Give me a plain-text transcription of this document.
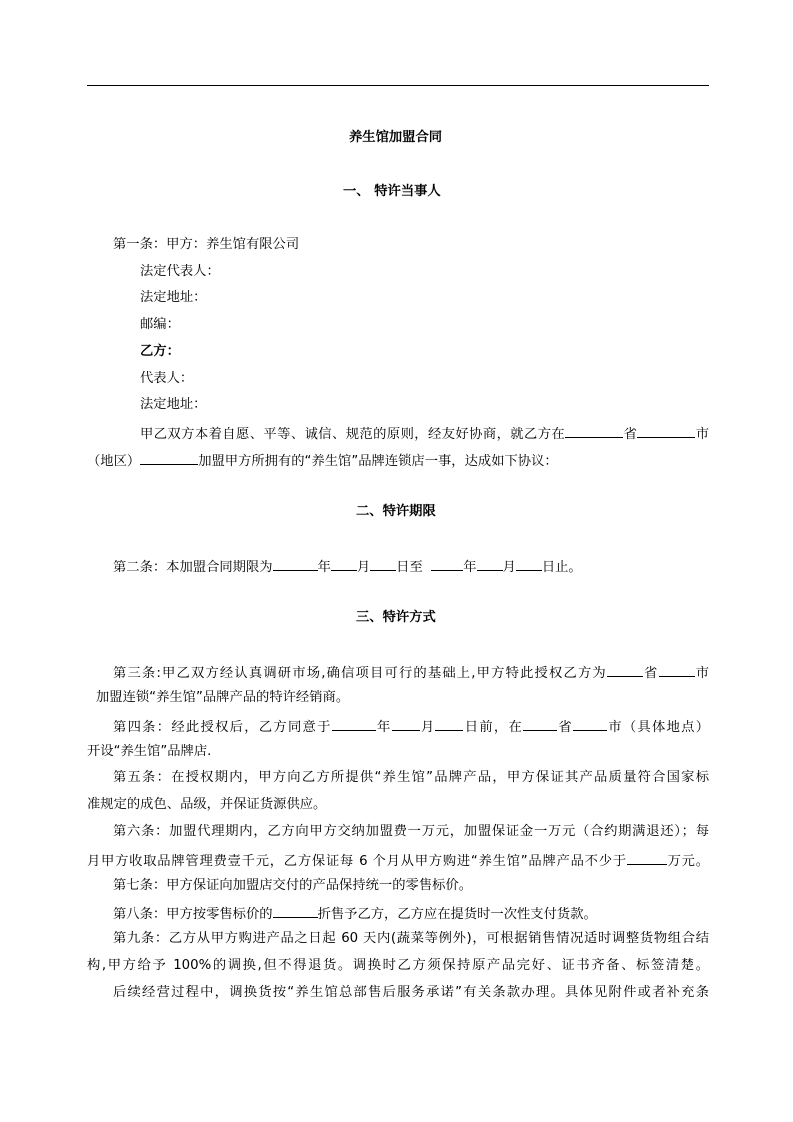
养生馆加盟合同
一、 特许当事人
第一条：甲方：养生馆有限公司
法定代表人：
法定地址：
邮编：
乙方：
代表人：
法定地址：
甲乙双方本着自愿、平等、诚信、规范的原则，经友好协商，就乙方在	省	市
（地区）	加盟甲方所拥有的“养生馆”品牌连锁店一事，达成如下协议：
二、特许期限
第二条：本加盟合同期限为	年 月 日至	年 月 日止。
三、特许方式
第三条:甲乙双方经认真调研市场,确信项目可行的基础上,甲方特此授权乙方为	省	市
加盟连锁“养生馆”品牌产品的特许经销商。
第四条：经此授权后，乙方同意于	年 月 日前，在	省	市（具体地点）
开设“养生馆”品牌店.
第五条：在授权期内，甲方向乙方所提供“养生馆”品牌产品，甲方保证其产品质量符合国家标
准规定的成色、品级，并保证货源供应。
第六条：加盟代理期内，乙方向甲方交纳加盟费一万元，加盟保证金一万元（合约期满退还）；每
月甲方收取品牌管理费壹千元，乙方保证每 6 个月从甲方购进“养生馆”品牌产品不少于	万元。
第七条：甲方保证向加盟店交付的产品保持统一的零售标价。
第八条：甲方按零售标价的	折售予乙方，乙方应在提货时一次性支付货款。
第九条：乙方从甲方购进产品之日起 60 天内(蔬菜等例外)，可根据销售情况适时调整货物组合结
构,甲方给予 100%的调换,但不得退货。调换时乙方须保持原产品完好、证书齐备、标签清楚。
后续经营过程中，调换货按“养生馆总部售后服务承诺”有关条款办理。具体见附件或者补充条
